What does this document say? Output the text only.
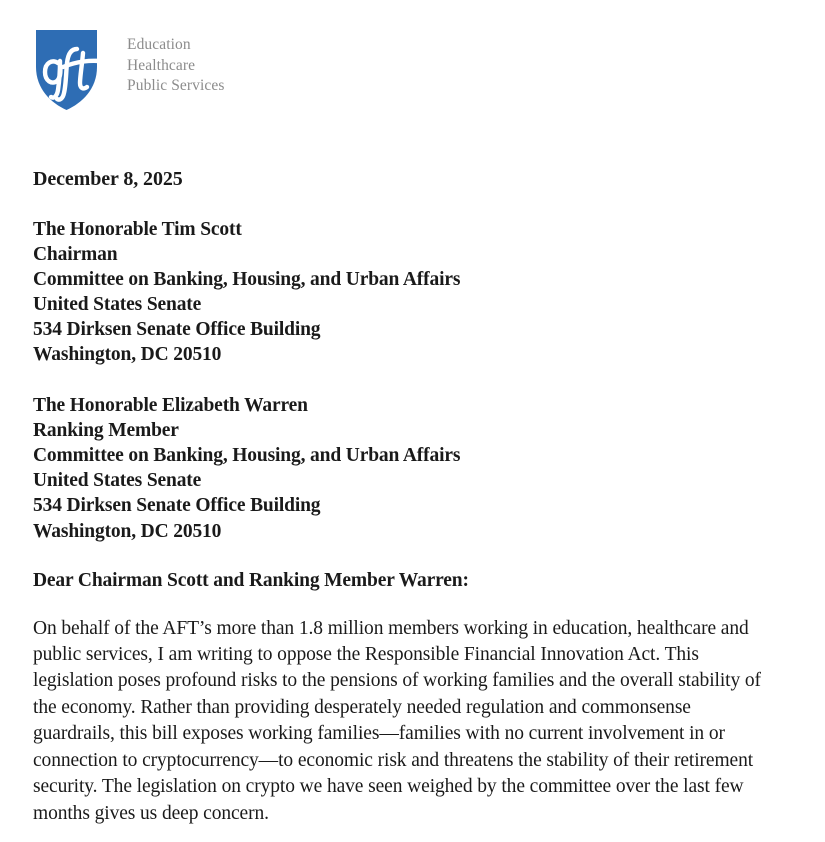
Education
Healthcare
Public Services
December 8, 2025
The Honorable Tim Scott
Chairman
Committee on Banking, Housing, and Urban Affairs
United States Senate
534 Dirksen Senate Office Building
Washington, DC 20510
The Honorable Elizabeth Warren
Ranking Member
Committee on Banking, Housing, and Urban Affairs
United States Senate
534 Dirksen Senate Office Building
Washington, DC 20510
Dear Chairman Scott and Ranking Member Warren:

On behalf of the AFT’s more than 1.8 million members working in education, healthcare and public services, I am writing to oppose the Responsible Financial Innovation Act. This legislation poses profound risks to the pensions of working families and the overall stability of the economy. Rather than providing desperately needed regulation and commonsense guardrails, this bill exposes working families—families with no current involvement in or connection to cryptocurrency—to economic risk and threatens the stability of their retirement security. The legislation on crypto we have seen weighed by the committee over the last few months gives us deep concern.
